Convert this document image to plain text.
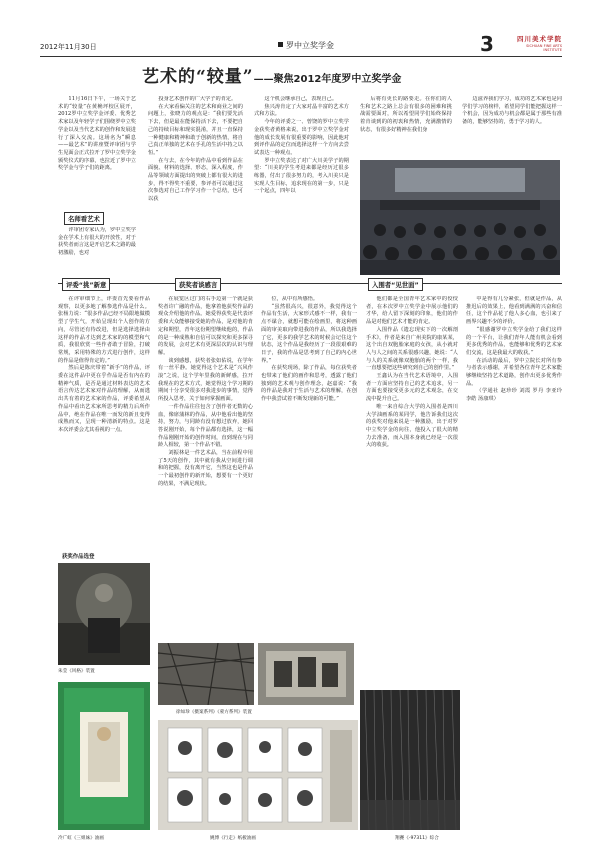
2012年11月30日	罗中立奖学金	3	四川美术学院
SICHUAN FINE ARTS
INSTITUTE
艺术的“较量”——聚焦2012年度罗中立奖学金

11月16日下午，一场关于艺术的“较量”在黄桷坪校区展开，2012罗中立奖学金评委、优秀艺术家以及年轻学子们围绕罗中立奖学金以及当代艺术的创作和发展进行了深入交流。这场名为“瞬息——最艺术”的讲座暨评审团与学生见面会正式拉开了罗中立奖学金颁奖仪式的序幕，也拉近了罗中立奖学金与学子们的距离。

名师看艺术

评审团专家认为，罗中立奖学金在学术上有很大的开放性，对于获奖者而言这是开启艺术之路的最初激励，也对

投身艺术创作的广大学子的肯定。

在大家看偏关注的艺术和商业之间的问题上，张晓力的观点是：“我们要先活下去，但是最在能保持活下去，不要把自己的持续目标和现实混淆，并且一直保持一种健康和精神和敢于创新的热情，将自己真正单独的艺术在手孔的生活中持之以恒。”

在与去，在今年的作品中看到作品在面貌、材料的选择、形态，深入程度，作品等领域方面提出的突破上都有很大的进步，得不得奖不重要，参评者可以通过这次参选对自己工作学习作一个总结，也可以获

这个机会继承自己，表现自己。

焦兴涛肯定了大家对晶丰富的艺术方式和方法。

今年的评委之一、曾饶的罗中立奖学金获奖者黄格来说，出于罗中立奖学金对他的成长发展有很重要的影响，因此他对到评作品的定位而选择这样一个方向去尝试表达一种观点。

罗中立奖表达了对广大川美学子的期望：“川美的学生考进来都是经历过很多练器，付出了很多努力的，考入川美只是实现人生目标，追求现在的第一步，只是一个起点，四年以

后将有更长的路要走。在你们的人生和艺术之路上总会有很多的困难和挑战需要面对，所以希望同学们始终保持着肯谈到的的初衷和热情，充满激情的状态，有很多好精神在我们身

边滋养我们学习，成功的艺术家也是同学们学习的榜样，希望同学们能把握这样一个机会，因为成功与机会都是属于那些有准备的，能够坚持的，勇于学习的人。

评委“挑”新意	获奖者谈感言	入围者“见世面”

在评审细节上，评委首先要看作品观察，以更多地了解参选作品是什么。张杨力说：“很多作品已经不局限地做模型了学生气，开始呈现出个人创作的方向，尽管还有待改进，但是选择选择由这样的作品才达到艺术家的的模型和气质，我很欣赏一些作者敢于冒险，打破常规，采用特殊的方式进行创作，这样的作品是值得肯定的。”

然后是陈庆带着“新手”的作品，评委在这件品中更在乎作品是否有内在的精神气质，是否是通过材料表达的艺术语言传达艺术家对作品的理解，从而逃出共有着的艺术家的作品，评委希望从作品中看出艺术家所思考的精力后所作品中，绝在作品在唯一而发的新且变得成熟而又，呈现一种清新的特点。这是本次评委会尤其看视的一点。

在展览区过门的右手边第一个就是获奖者许广融的作品，他拿着他获奖作品的观众介绍他的作品。她爱得获奖是代表评委和大众能够接受她的作品，是对他的肯定和期望，青年这份期望继续他的，作品的是一种成熟和自信可以探究和更多探寻的发展，会对艺术有更深层次的认识与理解。

谈到感想，获奖者张如佑说，在学年有一丝平静。她觉得这个艺术是“兴风作浪”之说，这个学年里我的新鲜感，拉开我现在的艺术方式，她觉得这个学习期的期间十分享受很多对我进步的事情，觉得所投入思考，关于如何掌握画面。

一件作品往往包含了创作者无数的心血，像席蒲林的作品，从中他看出他的坚持，努力，与同龄有没有想过放弃，她回答说刚开始，每个作品都有选择，这一幅作品刚刚开始的创作时间，直到现在与同龄人相较，第一个作品不错。

刘振林是一件艺术品，当在前程中用了5天的创作，其中就有我从空间进行调和的把握，没有离开它，当然这也是作品一个最初创作的新开始，想要有一个更好的结果，不满足现状。

位，从中有所感悟。

“虽然很高兴，很意外，我觉得这个作品有生活，大家形式感不一样，我有一点不谋合，就想可能在绘画里，将这种画面的审美取向带进我的作品，所以我选择了它，更多的我学艺术的时候会记住这个状态，这个作品是我经历了一段很艰难的日子，我的作品是思考到了自己的内心世界。”

在获奖现场，除了作品，每位获奖者也带来了他们的画作和思考，透露了他们独到的艺术观与创作理念，赵嘉说：“我的作品是我对于生活与艺术的理解，在创作中我尝试着不断发现新的可能。”

他们都是全国青年艺术家中的佼佼者，在本次罗中立奖学金中展示他们的才华，给人留下深刻的印象，他们的作品是对他们艺术才能的肯定。

入围作品《遗忘现实下的一次解剖手术》，作者是来自广州美院的康某某，这个出自双胞胎家庭的女孩，从小就对人与人之间的关系很感兴趣，她说：“人与人的关系就像双胞胎的两个一样，我一直想要把这些研究到自己的创作里。”

王鑫认为在当代艺术语境中，入围者一方面应坚持自己的艺术追求，另一方面也要接受更多元的艺术观念，在交流中提升自己。

唯一来自综合大学的入围者是四川大学油画系的某同学，他告诉我们这次的获奖对他来说是一种激励，出于对罗中立奖学金的向往，他投入了很大的精力去准备，而入围本身就已经是一次很大的收获。

中是得有几分紧张，但就是作品，从推迟后的效果上，他看到满满的兴奋和信任，这个作品花了他人多心血，也引来了画界兴趣不少的评价。

“很感谢罗中立奖学金给了我们这样的一个平台，让我们青年人能有机会看到更多优秀的作品，也能够和优秀的艺术家们交流，这是我最大的收获。”

在活动的最后，罗中立院长对所有参与者表示感谢，并希望各位青年艺术家能够继续坚持艺术道路，创作出更多优秀作品。

（学通社 赵珍珍 刘霞 罗丹 李亚玲 李皓 汤康琪）

获奖作品选登
朱莹《风格》装置
冷广虹《三姐妹》油画
徐如珍《摄案系列》《蒙方系列》装置
姚博《行走》纸板油画	翔賽《-97311》综合
